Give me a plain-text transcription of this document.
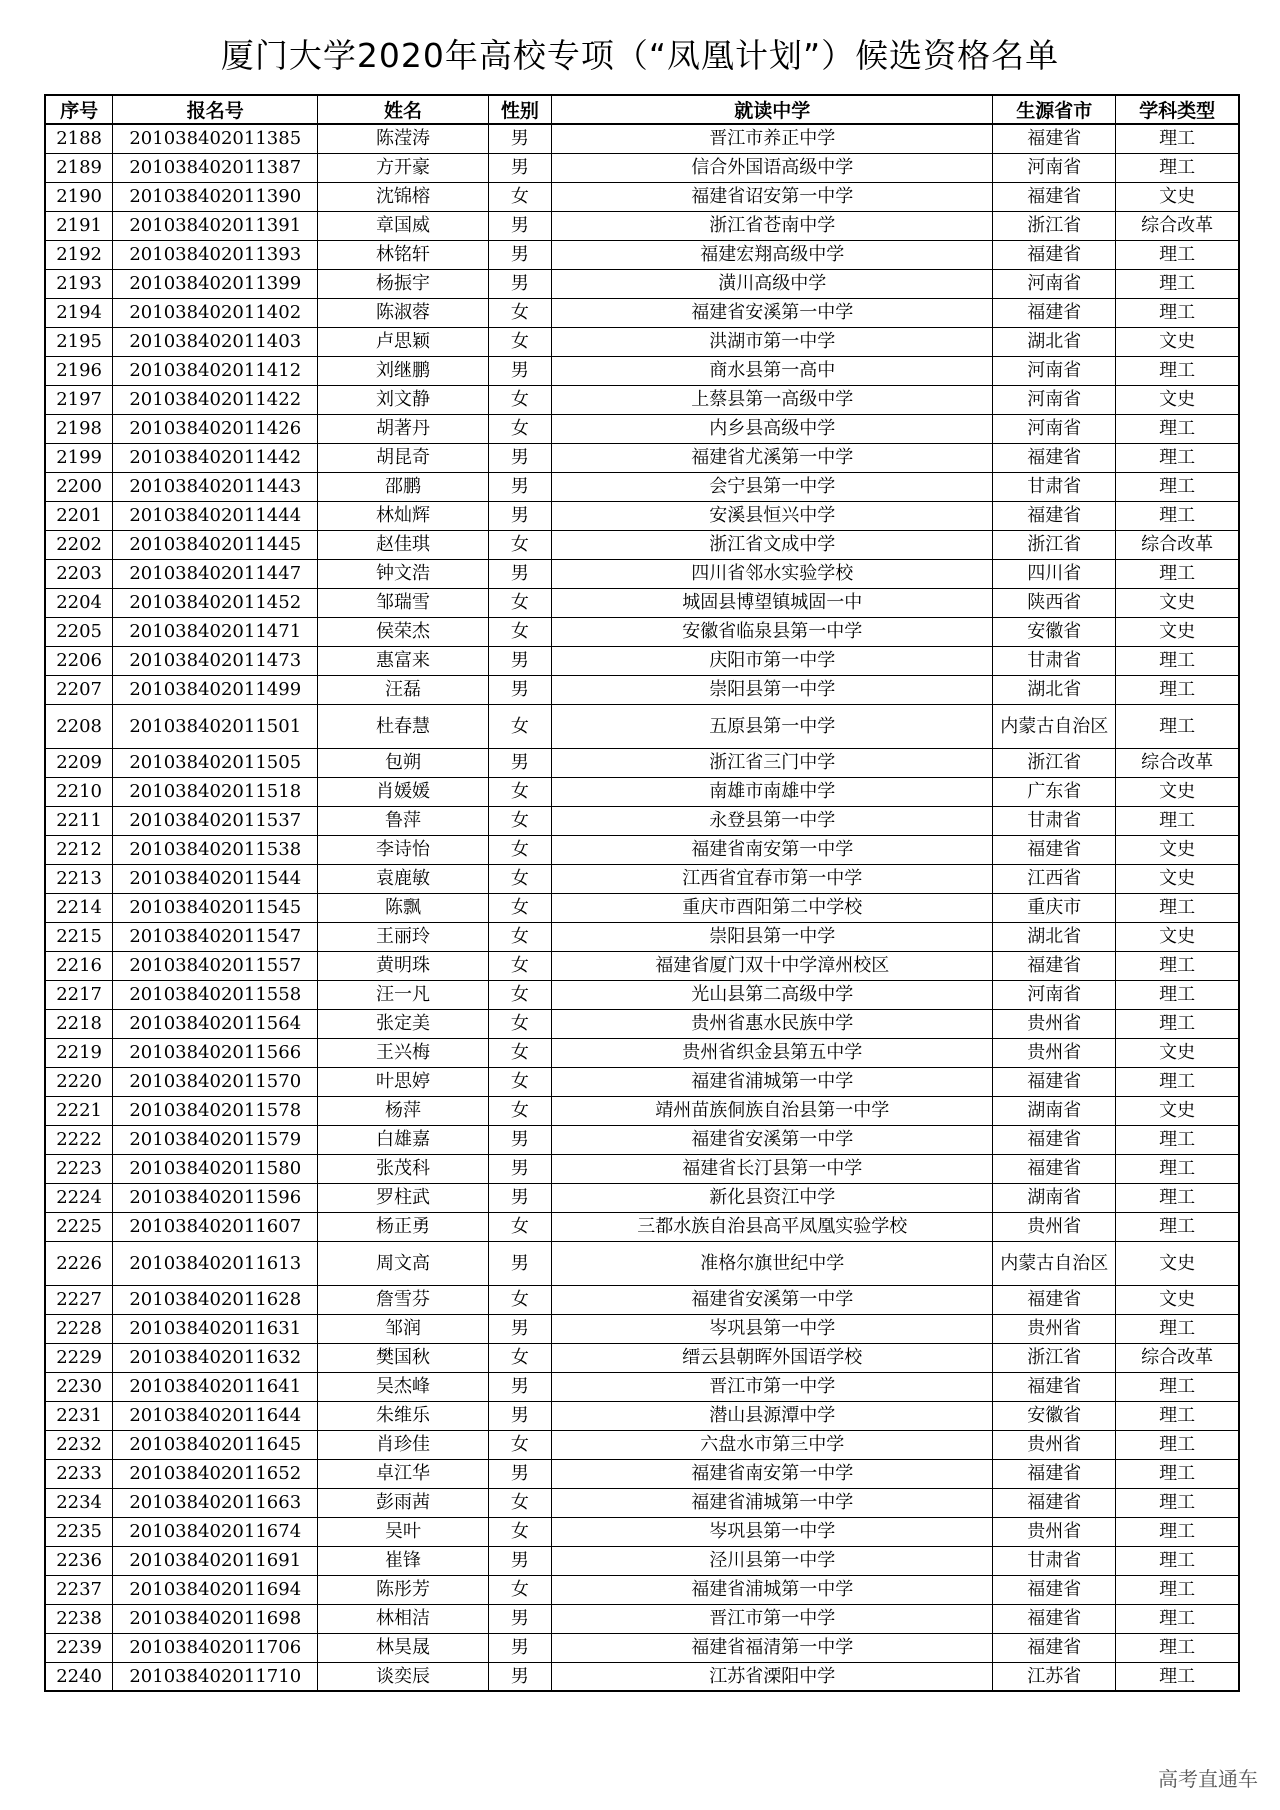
厦门大学2020年高校专项（“凤凰计划”）候选资格名单
序号	报名号	姓名	性别	就读中学	生源省市	学科类型
2188	201038402011385	陈滢涛	男	晋江市养正中学	福建省	理工
2189	201038402011387	方开豪	男	信合外国语高级中学	河南省	理工
2190	201038402011390	沈锦榕	女	福建省诏安第一中学	福建省	文史
2191	201038402011391	章国威	男	浙江省苍南中学	浙江省	综合改革
2192	201038402011393	林铭轩	男	福建宏翔高级中学	福建省	理工
2193	201038402011399	杨振宇	男	潢川高级中学	河南省	理工
2194	201038402011402	陈淑蓉	女	福建省安溪第一中学	福建省	理工
2195	201038402011403	卢思颖	女	洪湖市第一中学	湖北省	文史
2196	201038402011412	刘继鹏	男	商水县第一高中	河南省	理工
2197	201038402011422	刘文静	女	上蔡县第一高级中学	河南省	文史
2198	201038402011426	胡著丹	女	内乡县高级中学	河南省	理工
2199	201038402011442	胡昆奇	男	福建省尤溪第一中学	福建省	理工
2200	201038402011443	邵鹏	男	会宁县第一中学	甘肃省	理工
2201	201038402011444	林灿辉	男	安溪县恒兴中学	福建省	理工
2202	201038402011445	赵佳琪	女	浙江省文成中学	浙江省	综合改革
2203	201038402011447	钟文浩	男	四川省邻水实验学校	四川省	理工
2204	201038402011452	邹瑞雪	女	城固县博望镇城固一中	陕西省	文史
2205	201038402011471	侯荣杰	女	安徽省临泉县第一中学	安徽省	文史
2206	201038402011473	惠富来	男	庆阳市第一中学	甘肃省	理工
2207	201038402011499	汪磊	男	崇阳县第一中学	湖北省	理工
2208	201038402011501	杜春慧	女	五原县第一中学	内蒙古自治区	理工
2209	201038402011505	包朔	男	浙江省三门中学	浙江省	综合改革
2210	201038402011518	肖媛媛	女	南雄市南雄中学	广东省	文史
2211	201038402011537	鲁萍	女	永登县第一中学	甘肃省	理工
2212	201038402011538	李诗怡	女	福建省南安第一中学	福建省	文史
2213	201038402011544	袁鹿敏	女	江西省宜春市第一中学	江西省	文史
2214	201038402011545	陈飘	女	重庆市酉阳第二中学校	重庆市	理工
2215	201038402011547	王丽玲	女	崇阳县第一中学	湖北省	文史
2216	201038402011557	黄明珠	女	福建省厦门双十中学漳州校区	福建省	理工
2217	201038402011558	汪一凡	女	光山县第二高级中学	河南省	理工
2218	201038402011564	张定美	女	贵州省惠水民族中学	贵州省	理工
2219	201038402011566	王兴梅	女	贵州省织金县第五中学	贵州省	文史
2220	201038402011570	叶思婷	女	福建省浦城第一中学	福建省	理工
2221	201038402011578	杨萍	女	靖州苗族侗族自治县第一中学	湖南省	文史
2222	201038402011579	白雄嘉	男	福建省安溪第一中学	福建省	理工
2223	201038402011580	张茂科	男	福建省长汀县第一中学	福建省	理工
2224	201038402011596	罗柱武	男	新化县资江中学	湖南省	理工
2225	201038402011607	杨正勇	女	三都水族自治县高平凤凰实验学校	贵州省	理工
2226	201038402011613	周文高	男	准格尔旗世纪中学	内蒙古自治区	文史
2227	201038402011628	詹雪芬	女	福建省安溪第一中学	福建省	文史
2228	201038402011631	邹润	男	岑巩县第一中学	贵州省	理工
2229	201038402011632	樊国秋	女	缙云县朝晖外国语学校	浙江省	综合改革
2230	201038402011641	吴杰峰	男	晋江市第一中学	福建省	理工
2231	201038402011644	朱维乐	男	潜山县源潭中学	安徽省	理工
2232	201038402011645	肖珍佳	女	六盘水市第三中学	贵州省	理工
2233	201038402011652	卓江华	男	福建省南安第一中学	福建省	理工
2234	201038402011663	彭雨茜	女	福建省浦城第一中学	福建省	理工
2235	201038402011674	吴叶	女	岑巩县第一中学	贵州省	理工
2236	201038402011691	崔锋	男	泾川县第一中学	甘肃省	理工
2237	201038402011694	陈彤芳	女	福建省浦城第一中学	福建省	理工
2238	201038402011698	林相洁	男	晋江市第一中学	福建省	理工
2239	201038402011706	林昊晟	男	福建省福清第一中学	福建省	理工
2240	201038402011710	谈奕辰	男	江苏省溧阳中学	江苏省	理工
高考直通车
